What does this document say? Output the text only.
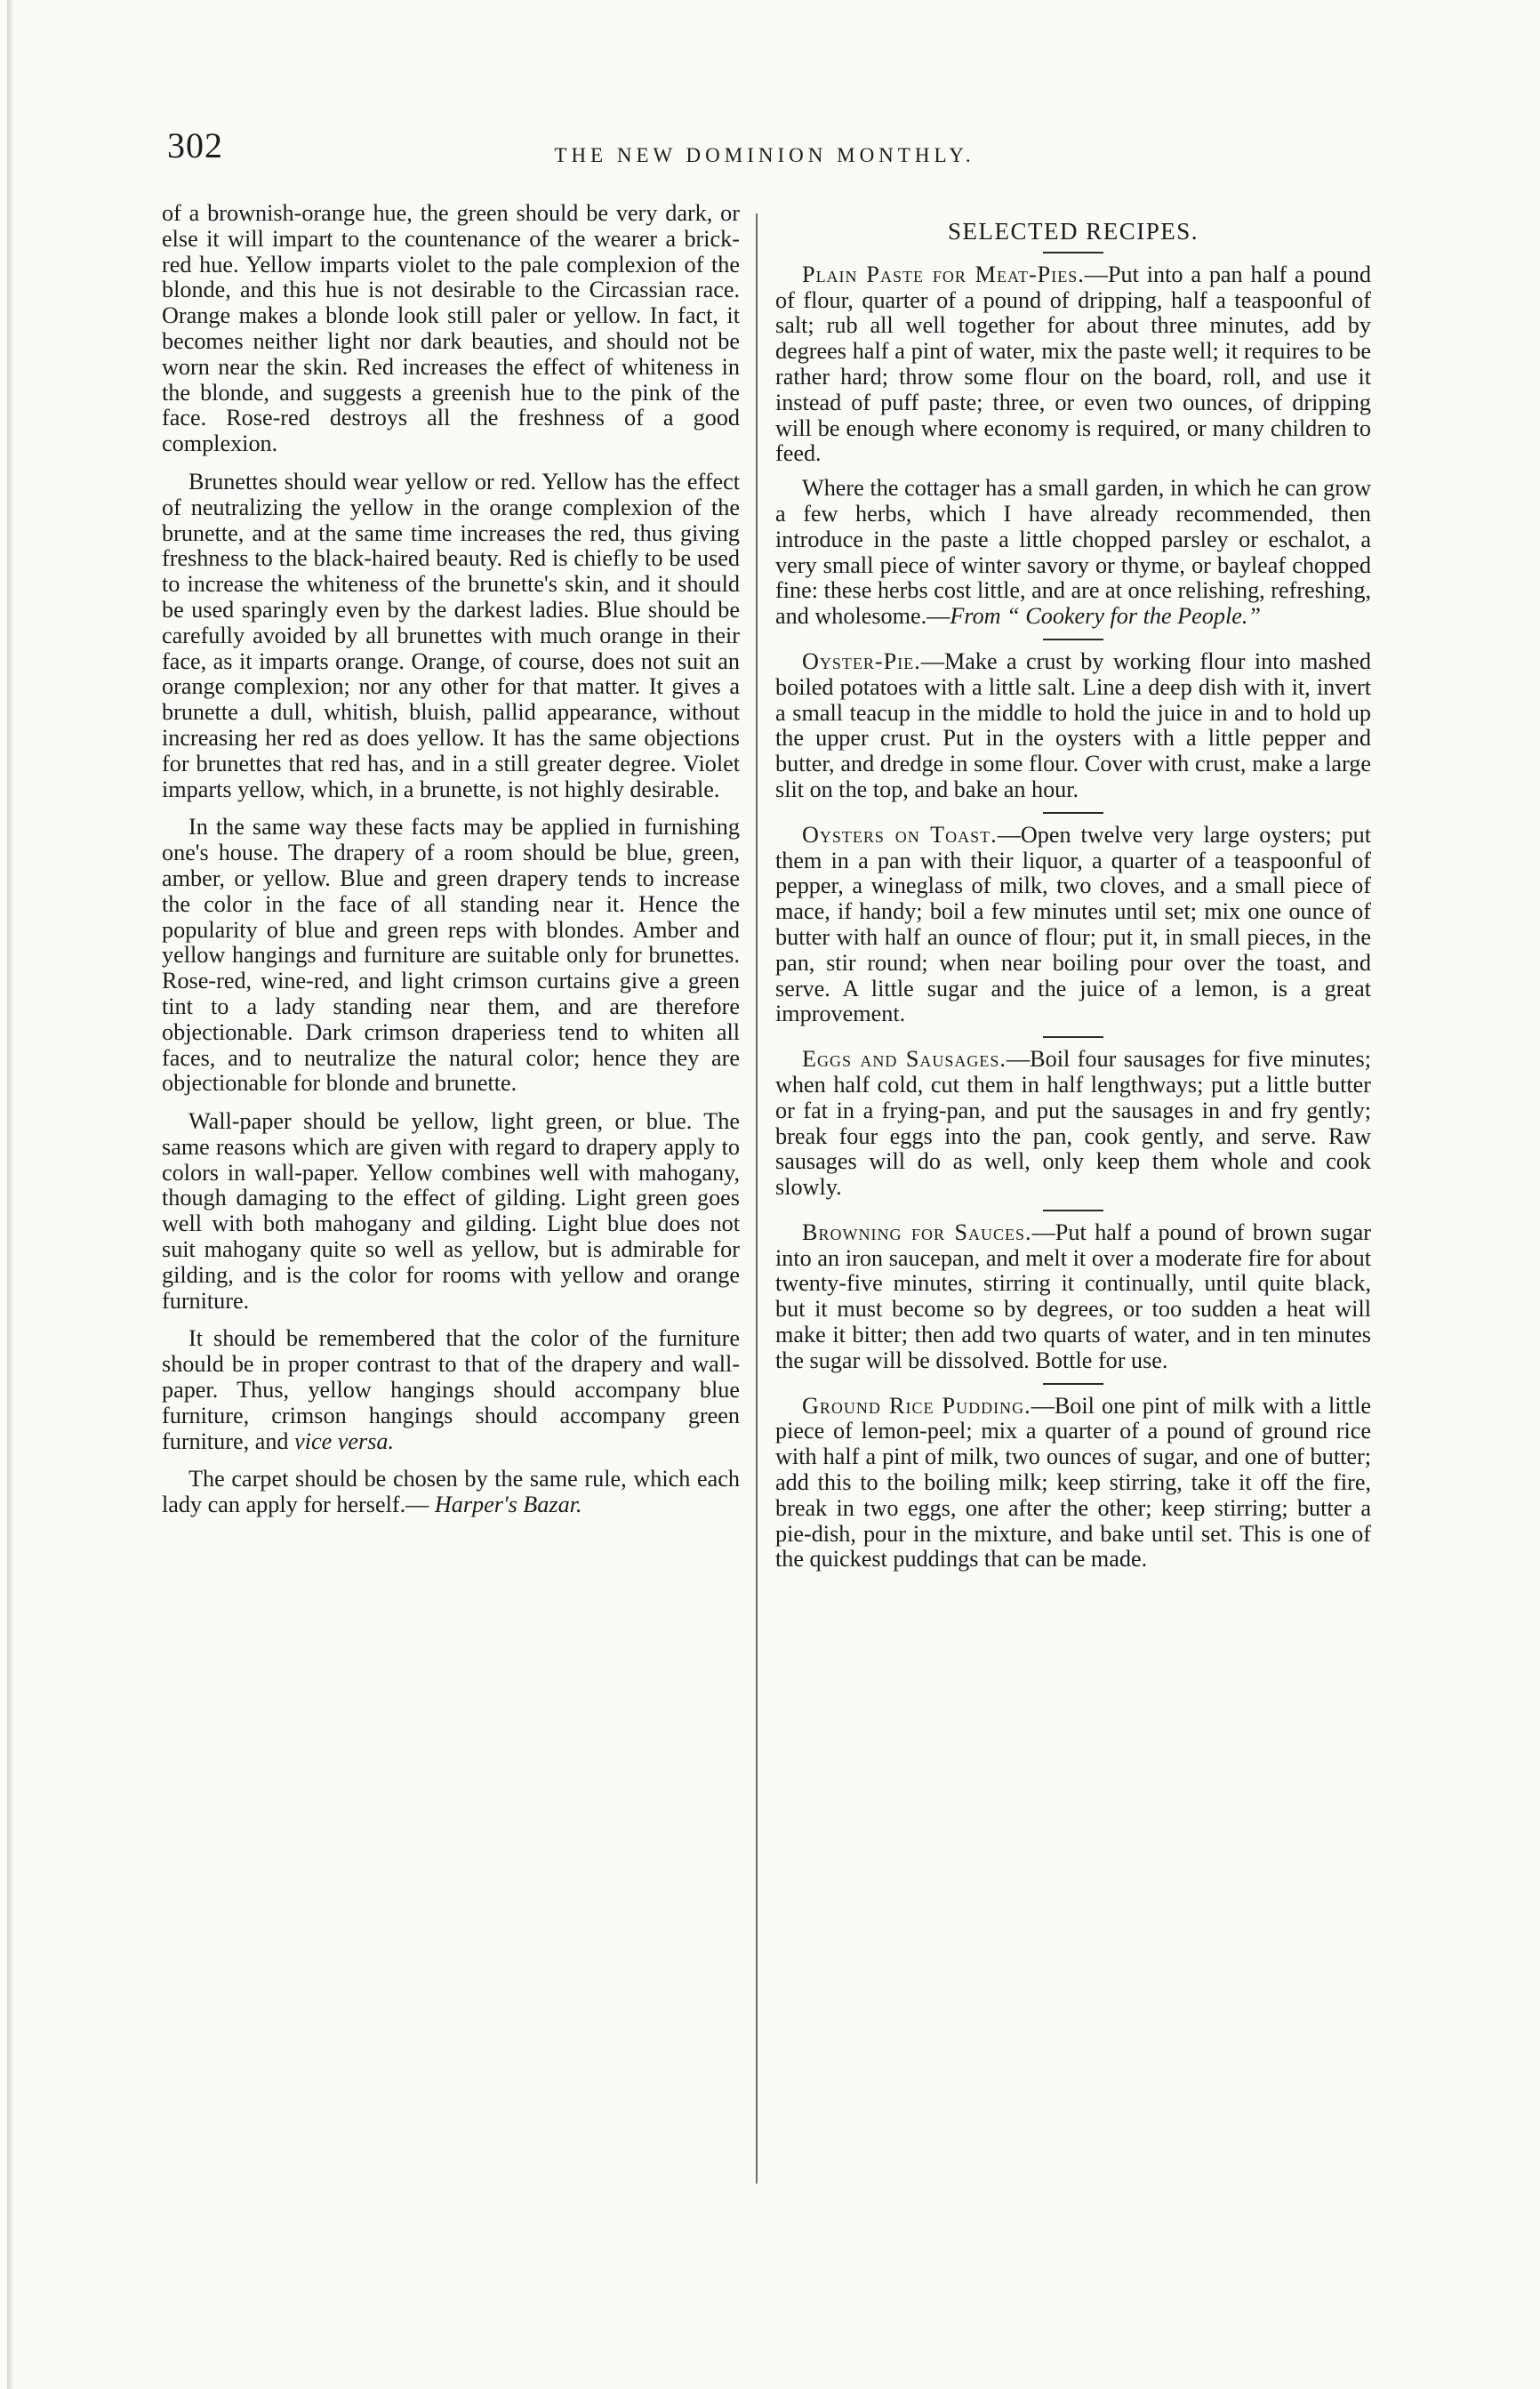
302	THE NEW DOMINION MONTHLY.

of a brownish-orange hue, the green should be very dark, or else it will impart to the countenance of the wearer a brick-red hue. Yellow imparts violet to the pale complexion of the blonde, and this hue is not desirable to the Circassian race. Orange makes a blonde look still paler or yellow. In fact, it becomes neither light nor dark beauties, and should not be worn near the skin. Red increases the effect of whiteness in the blonde, and suggests a greenish hue to the pink of the face. Rose-red destroys all the freshness of a good complexion.

Brunettes should wear yellow or red. Yellow has the effect of neutralizing the yellow in the orange complexion of the brunette, and at the same time increases the red, thus giving freshness to the black-haired beauty. Red is chiefly to be used to increase the whiteness of the brunette's skin, and it should be used sparingly even by the darkest ladies. Blue should be carefully avoided by all brunettes with much orange in their face, as it imparts orange. Orange, of course, does not suit an orange complexion; nor any other for that matter. It gives a brunette a dull, whitish, bluish, pallid appearance, without increasing her red as does yellow. It has the same objections for brunettes that red has, and in a still greater degree. Violet imparts yellow, which, in a brunette, is not highly desirable.

In the same way these facts may be applied in furnishing one's house. The drapery of a room should be blue, green, amber, or yellow. Blue and green drapery tends to increase the color in the face of all standing near it. Hence the popularity of blue and green reps with blondes. Amber and yellow hangings and furniture are suitable only for brunettes. Rose-red, wine-red, and light crimson curtains give a green tint to a lady standing near them, and are therefore objectionable. Dark crimson draperiess tend to whiten all faces, and to neutralize the natural color; hence they are objectionable for blonde and brunette.

Wall-paper should be yellow, light green, or blue. The same reasons which are given with regard to drapery apply to colors in wall-paper. Yellow combines well with mahogany, though damaging to the effect of gilding. Light green goes well with both mahogany and gilding. Light blue does not suit mahogany quite so well as yellow, but is admirable for gilding, and is the color for rooms with yellow and orange furniture.

It should be remembered that the color of the furniture should be in proper contrast to that of the drapery and wall-paper. Thus, yellow hangings should accompany blue furniture, crimson hangings should accompany green furniture, and vice versa.

The carpet should be chosen by the same rule, which each lady can apply for herself.— Harper's Bazar.

SELECTED RECIPES.

Plain Paste for Meat-Pies.—Put into a pan half a pound of flour, quarter of a pound of dripping, half a teaspoonful of salt; rub all well together for about three minutes, add by degrees half a pint of water, mix the paste well; it requires to be rather hard; throw some flour on the board, roll, and use it instead of puff paste; three, or even two ounces, of dripping will be enough where economy is required, or many children to feed.

Where the cottager has a small garden, in which he can grow a few herbs, which I have already recommended, then introduce in the paste a little chopped parsley or eschalot, a very small piece of winter savory or thyme, or bayleaf chopped fine: these herbs cost little, and are at once relishing, refreshing, and wholesome.—From “ Cookery for the People.”

Oyster-Pie.—Make a crust by working flour into mashed boiled potatoes with a little salt. Line a deep dish with it, invert a small teacup in the middle to hold the juice in and to hold up the upper crust. Put in the oysters with a little pepper and butter, and dredge in some flour. Cover with crust, make a large slit on the top, and bake an hour.

Oysters on Toast.—Open twelve very large oysters; put them in a pan with their liquor, a quarter of a teaspoonful of pepper, a wineglass of milk, two cloves, and a small piece of mace, if handy; boil a few minutes until set; mix one ounce of butter with half an ounce of flour; put it, in small pieces, in the pan, stir round; when near boiling pour over the toast, and serve. A little sugar and the juice of a lemon, is a great improvement.

Eggs and Sausages.—Boil four sausages for five minutes; when half cold, cut them in half lengthways; put a little butter or fat in a frying-pan, and put the sausages in and fry gently; break four eggs into the pan, cook gently, and serve. Raw sausages will do as well, only keep them whole and cook slowly.

Browning for Sauces.—Put half a pound of brown sugar into an iron saucepan, and melt it over a moderate fire for about twenty-five minutes, stirring it continually, until quite black, but it must become so by degrees, or too sudden a heat will make it bitter; then add two quarts of water, and in ten minutes the sugar will be dissolved. Bottle for use.

Ground Rice Pudding.—Boil one pint of milk with a little piece of lemon-peel; mix a quarter of a pound of ground rice with half a pint of milk, two ounces of sugar, and one of butter; add this to the boiling milk; keep stirring, take it off the fire, break in two eggs, one after the other; keep stirring; butter a pie-dish, pour in the mixture, and bake until set. This is one of the quickest puddings that can be made.
